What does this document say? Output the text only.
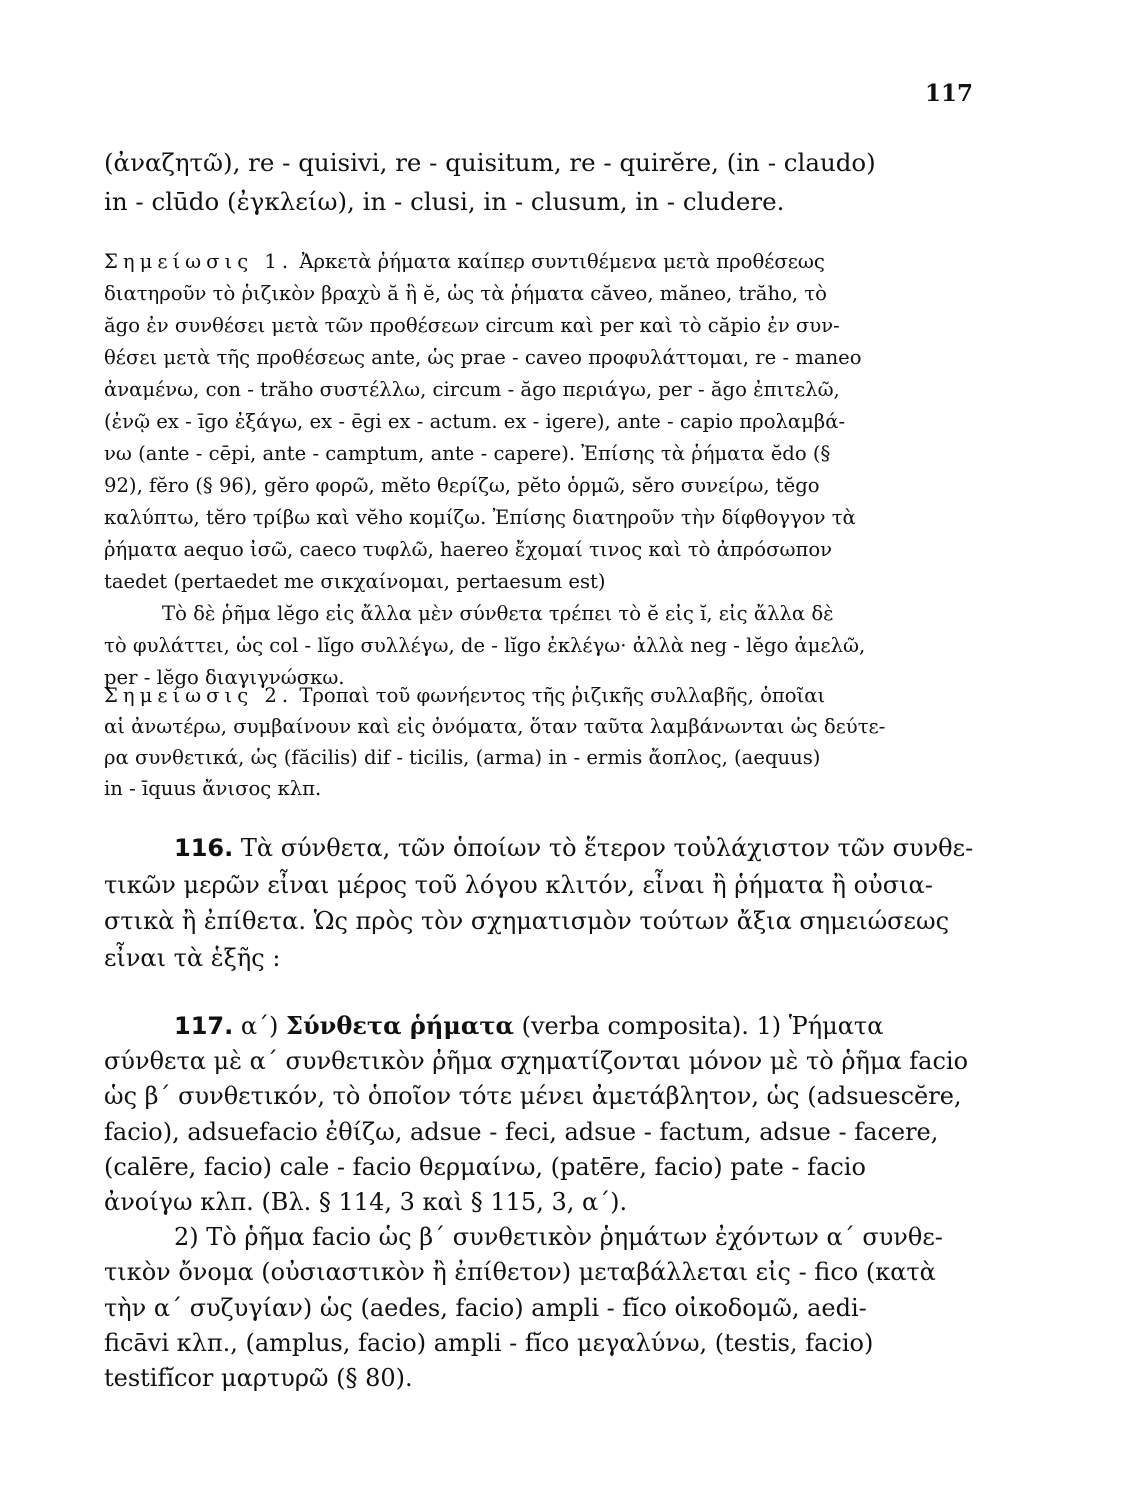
117
(ἀναζητῶ), re - quisivi, re - quisitum, re - quirĕre, (in - claudo)
in - clūdo (ἐγκλείω), in - clusi, in - clusum, in - cludere.
Σημείωσις 1. Ἀρκετὰ ῥήματα καίπερ συντιθέμενα μετὰ προθέσεως
διατηροῦν τὸ ῥιζικὸν βραχὺ ă ἢ ĕ, ὡς τὰ ῥήματα căveo, măneo, trăho, τὸ
ăgo ἐν συνθέσει μετὰ τῶν προθέσεων circum καὶ per καὶ τὸ căpio ἐν συν-
θέσει μετὰ τῆς προθέσεως ante, ὡς prae - caveo προφυλάττομαι, re - maneo
ἀναμένω, con - trăho συστέλλω, circum - ăgo περιάγω, per - ăgo ἐπιτελῶ,
(ἐνῷ ex - īgo ἐξάγω, ex - ēgi ex - actum. ex - igere), ante - capio προλαμβά-
νω (ante - cēpi, ante - camptum, ante - capere). Ἐπίσης τὰ ῥήματα ĕdo (§
92), fĕro (§ 96), gĕro φορῶ, mĕto θερίζω, pĕto ὁρμῶ, sĕro συνείρω, tĕgo
καλύπτω, tĕro τρίβω καὶ vĕho κομίζω. Ἐπίσης διατηροῦν τὴν δίφθογγον τὰ
ῥήματα aequo ἰσῶ, caeco τυφλῶ, haereo ἔχομαί τινος καὶ τὸ ἀπρόσωπον
taedet (pertaedet me σικχαίνομαι, pertaesum est)
Τὸ δὲ ῥῆμα lĕgo εἰς ἄλλα μὲν σύνθετα τρέπει τὸ ĕ εἰς ĭ, εἰς ἄλλα δὲ
τὸ φυλάττει, ὡς col - lĭgo συλλέγω, de - lĭgo ἐκλέγω· ἀλλὰ neg - lĕgo ἀμελῶ,
per - lĕgo διαγιγνώσκω.
Σημείωσις 2. Τροπαὶ τοῦ φωνήεντος τῆς ῥιζικῆς συλλαβῆς, ὁποῖαι
αἱ ἀνωτέρω, συμβαίνουν καὶ εἰς ὀνόματα, ὅταν ταῦτα λαμβάνωνται ὡς δεύτε-
ρα συνθετικά, ὡς (făcilis) dif - ticilis, (arma) in - ermis ἄοπλος, (aequus)
in - īquus ἄνισος κλπ.
116. Τὰ σύνθετα, τῶν ὁποίων τὸ ἕτερον τοὐλάχιστον τῶν συνθε-
τικῶν μερῶν εἶναι μέρος τοῦ λόγου κλιτόν, εἶναι ἢ ῥήματα ἢ οὐσια-
στικὰ ἢ ἐπίθετα. Ὡς πρὸς τὸν σχηματισμὸν τούτων ἄξια σημειώσεως
εἶναι τὰ ἑξῆς :
117. α΄) Σύνθετα ῥήματα (verba composita). 1) Ῥήματα
σύνθετα μὲ α΄ συνθετικὸν ῥῆμα σχηματίζονται μόνον μὲ τὸ ῥῆμα facio
ὡς β΄ συνθετικόν, τὸ ὁποῖον τότε μένει ἀμετάβλητον, ὡς (adsuescĕre,
facio), adsuefacio ἐθίζω, adsue - feci, adsue - factum, adsue - facere,
(calēre, facio) cale - facio θερμαίνω, (patēre, facio) pate - facio
ἀνοίγω κλπ. (Βλ. § 114, 3 καὶ § 115, 3, α΄).
2) Τὸ ῥῆμα facio ὡς β΄ συνθετικὸν ῥημάτων ἐχόντων α΄ συνθε-
τικὸν ὄνομα (οὐσιαστικὸν ἢ ἐπίθετον) μεταβάλλεται εἰς - fico (κατὰ
τὴν α΄ συζυγίαν) ὡς (aedes, facio) ampli - fĭco οἰκοδομῶ, aedi-
ficāvi κλπ., (amplus, facio) ampli - fĭco μεγαλύνω, (testis, facio)
testifĭcor μαρτυρῶ (§ 80).
